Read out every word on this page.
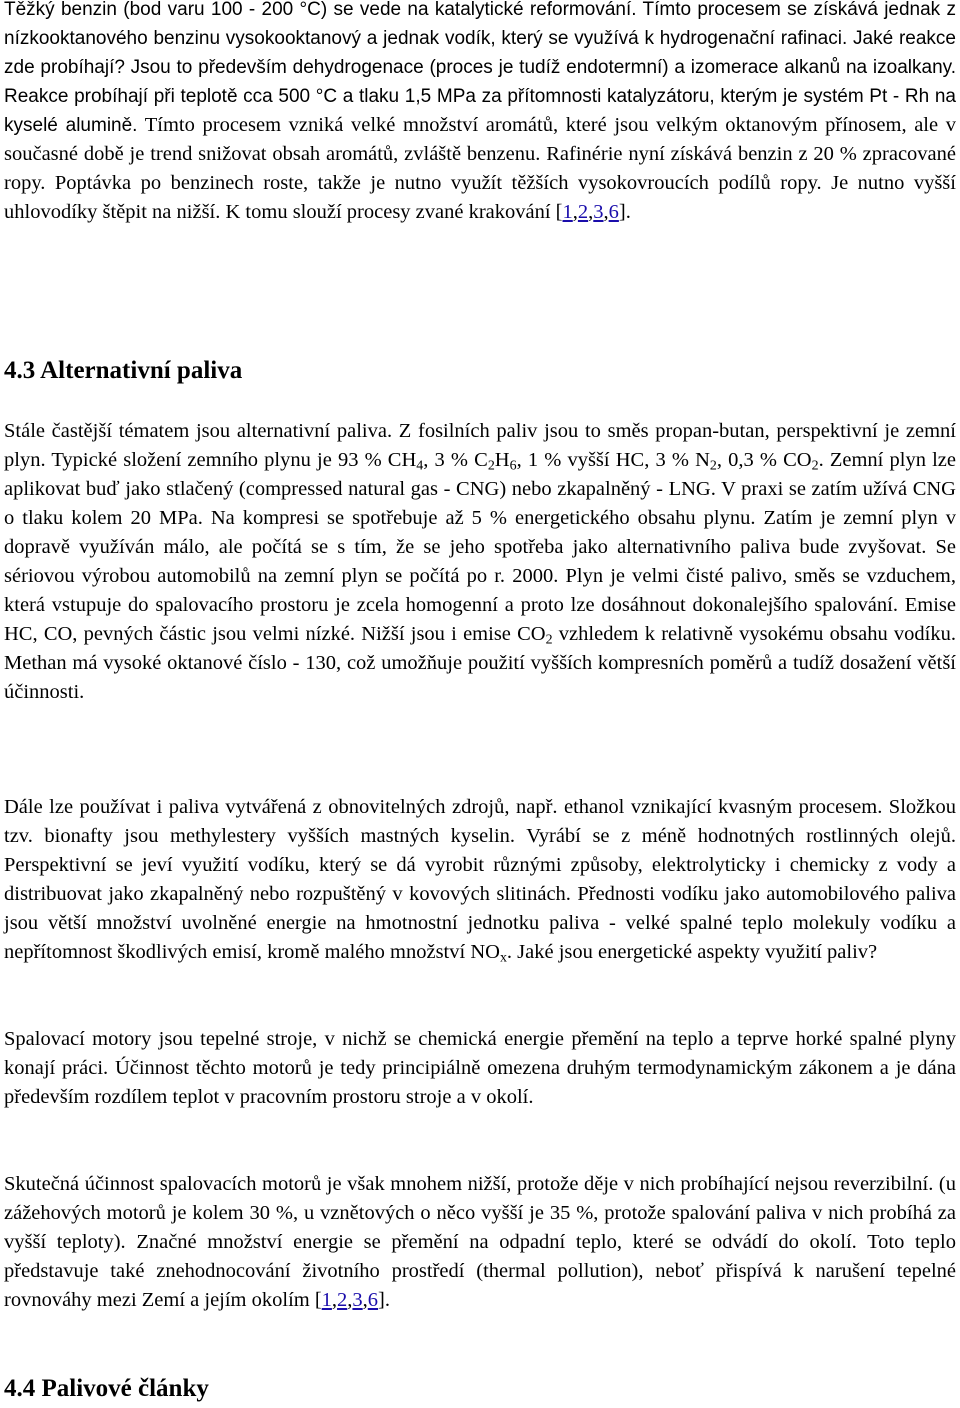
Těžký benzin (bod varu 100 - 200 °C) se vede na katalytické reformování. Tímto procesem se získává jednak z nízkooktanového benzinu vysokooktanový a jednak vodík, který se využívá k hydrogenační rafinaci. Jaké reakce zde probíhají? Jsou to především dehydrogenace (proces je tudíž endotermní) a izomerace alkanů na izoalkany. Reakce probíhají při teplotě cca 500 °C a tlaku 1,5 MPa za přítomnosti katalyzátoru, kterým je systém Pt - Rh na kyselé alumině. Tímto procesem vzniká velké množství aromátů, které jsou velkým oktanovým přínosem, ale v současné době je trend snižovat obsah aromátů, zvláště benzenu. Rafinérie nyní získává benzin z 20 % zpracované ropy. Poptávka po benzinech roste, takže je nutno využít těžších vysokovroucích podílů ropy. Je nutno vyšší uhlovodíky štěpit na nižší. K tomu slouží procesy zvané krakování [1,2,3,6].

4.3 Alternativní paliva

Stále častější tématem jsou alternativní paliva. Z fosilních paliv jsou to směs propan-butan, perspektivní je zemní plyn. Typické složení zemního plynu je 93 % $CH_4$, 3 % $C_2H_6$, 1 % vyšší HC, 3 % $N_2$, 0,3 % $CO_2$. Zemní plyn lze aplikovat buď jako stlačený (compressed natural gas - CNG) nebo zkapalněný - LNG. V praxi se zatím užívá CNG o tlaku kolem 20 MPa. Na kompresi se spotřebuje až 5 % energetického obsahu plynu. Zatím je zemní plyn v dopravě využíván málo, ale počítá se s tím, že se jeho spotřeba jako alternativního paliva bude zvyšovat. Se sériovou výrobou automobilů na zemní plyn se počítá po r. 2000. Plyn je velmi čisté palivo, směs se vzduchem, která vstupuje do spalovacího prostoru je zcela homogenní a proto lze dosáhnout dokonalejšího spalování. Emise HC, CO, pevných částic jsou velmi nízké. Nižší jsou i emise $CO_2$ vzhledem k relativně vysokému obsahu vodíku. Methan má vysoké oktanové číslo - 130, což umožňuje použití vyšších kompresních poměrů a tudíž dosažení větší účinnosti.

Dále lze používat i paliva vytvářená z obnovitelných zdrojů, např. ethanol vznikající kvasným procesem. Složkou tzv. bionafty jsou methylestery vyšších mastných kyselin. Vyrábí se z méně hodnotných rostlinných olejů. Perspektivní se jeví využití vodíku, který se dá vyrobit různými způsoby, elektrolyticky i chemicky z vody a distribuovat jako zkapalněný nebo rozpuštěný v kovových slitinách. Přednosti vodíku jako automobilového paliva jsou větší množství uvolněné energie na hmotnostní jednotku paliva - velké spalné teplo molekuly vodíku a nepřítomnost škodlivých emisí, kromě malého množství $NO_x$. Jaké jsou energetické aspekty využití paliv?

Spalovací motory jsou tepelné stroje, v nichž se chemická energie přemění na teplo a teprve horké spalné plyny konají práci. Účinnost těchto motorů je tedy principiálně omezena druhým termodynamickým zákonem a je dána především rozdílem teplot v pracovním prostoru stroje a v okolí.

Skutečná účinnost spalovacích motorů je však mnohem nižší, protože děje v nich probíhající nejsou reverzibilní. (u zážehových motorů je kolem 30 %, u vznětových o něco vyšší je 35 %, protože spalování paliva v nich probíhá za vyšší teploty). Značné množství energie se přemění na odpadní teplo, které se odvádí do okolí. Toto teplo představuje také znehodnocování životního prostředí (thermal pollution), neboť přispívá k narušení tepelné rovnováhy mezi Zemí a jejím okolím [1,2,3,6].

4.4 Palivové články
